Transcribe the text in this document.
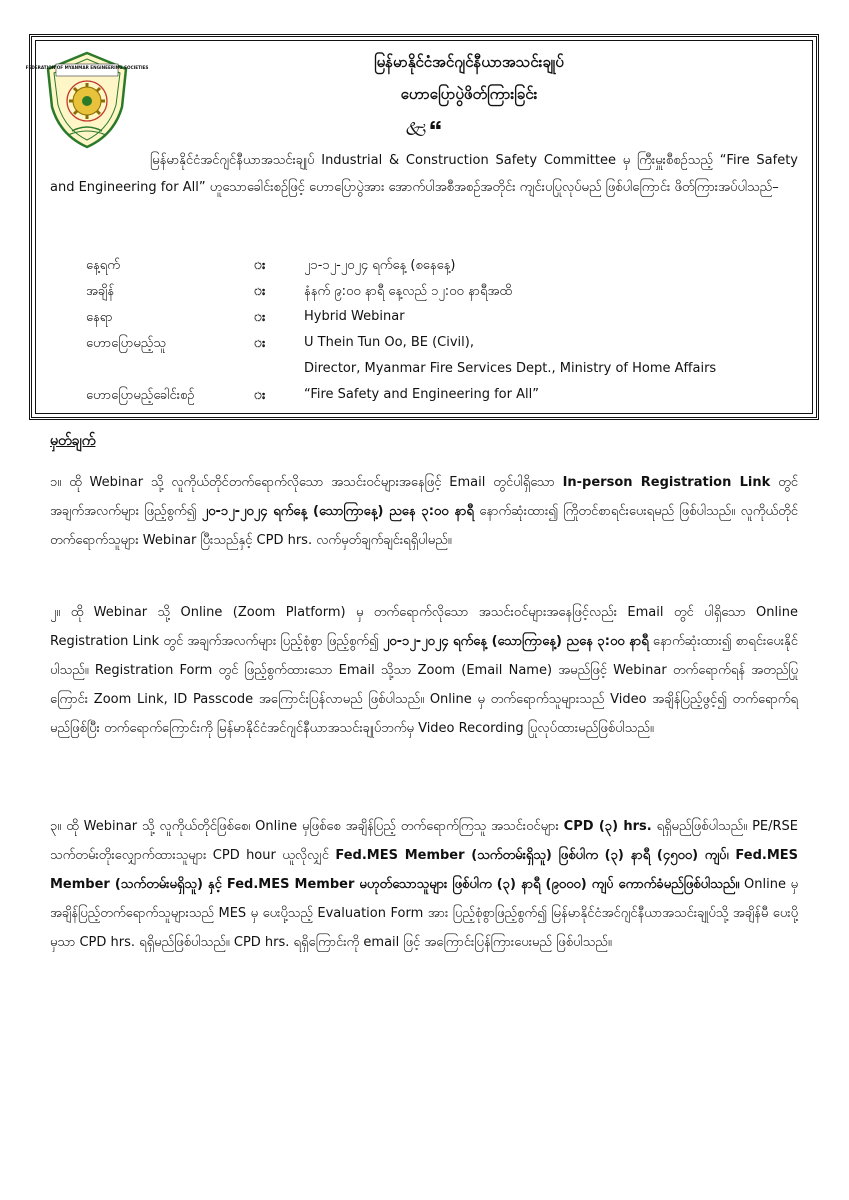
FEDERATION OF MYANMAR ENGINEERING SOCIETIES	မြန်မာနိုင်ငံအင်ဂျင်နီယာအသင်းချုပ်
ဟောပြောပွဲဖိတ်ကြားခြင်း
🙵🙶
မြန်မာနိုင်ငံအင်ဂျင်နီယာအသင်းချုပ် Industrial & Construction Safety Committee မှ ကြီးမှူးစီစဉ်သည့် “Fire Safety and Engineering for All” ဟူသောခေါင်းစဉ်ဖြင့် ဟောပြောပွဲအား အောက်ပါအစီအစဉ်အတိုင်း ကျင်းပပြုလုပ်မည် ဖြစ်ပါကြောင်း ဖိတ်ကြားအပ်ပါသည်–
နေ့ရက်	း	၂၁-၁၂-၂၀၂၄ ရက်နေ့ (စနေနေ့)
အချိန်	း	နံနက် ၉:၀၀ နာရီ နေ့လည် ၁၂:၀၀ နာရီအထိ
နေရာ	း	Hybrid Webinar
ဟောပြောမည့်သူ	း	U Thein Tun Oo, BE (Civil),
Director, Myanmar Fire Services Dept., Ministry of Home Affairs
ဟောပြောမည့်ခေါင်းစဉ်	း	“Fire Safety and Engineering for All”
မှတ်ချက်
၁။ ထို Webinar သို့ လူကိုယ်တိုင်တက်ရောက်လိုသော အသင်းဝင်များအနေဖြင့် Email တွင်ပါရှိသော In-person Registration Link တွင် အချက်အလက်များ ဖြည့်စွက်၍ ၂၀-၁၂-၂၀၂၄ ရက်နေ့ (သောကြာနေ့) ညနေ ၃:၀၀ နာရီ နောက်ဆုံးထား၍ ကြိုတင်စာရင်းပေးရမည် ဖြစ်ပါသည်။ လူကိုယ်တိုင် တက်ရောက်သူများ Webinar ပြီးသည်နှင့် CPD hrs. လက်မှတ်ချက်ချင်းရရှိပါမည်။
၂။ ထို Webinar သို့ Online (Zoom Platform) မှ တက်ရောက်လိုသော အသင်းဝင်များအနေဖြင့်လည်း Email တွင် ပါရှိသော Online Registration Link တွင် အချက်အလက်များ ပြည့်စုံစွာ ဖြည့်စွက်၍ ၂၀-၁၂-၂၀၂၄ ရက်နေ့ (သောကြာနေ့) ညနေ ၃:၀၀ နာရီ နောက်ဆုံးထား၍ စာရင်းပေးနိုင်ပါသည်။ Registration Form တွင် ဖြည့်စွက်ထားသော Email သို့သာ Zoom (Email Name) အမည်ဖြင့် Webinar တက်ရောက်ရန် အတည်ပြုကြောင်း Zoom Link, ID Passcode အကြောင်းပြန်လာမည် ဖြစ်ပါသည်။ Online မှ တက်ရောက်သူများသည် Video အချိန်ပြည့်ဖွင့်၍ တက်ရောက်ရမည်ဖြစ်ပြီး တက်ရောက်ကြောင်းကို မြန်မာနိုင်ငံအင်ဂျင်နီယာအသင်းချုပ်ဘက်မှ Video Recording ပြုလုပ်ထားမည်ဖြစ်ပါသည်။
၃။ ထို Webinar သို့ လူကိုယ်တိုင်ဖြစ်စေ၊ Online မှဖြစ်စေ အချိန်ပြည့် တက်ရောက်ကြသူ အသင်းဝင်များ CPD (၃) hrs. ရရှိမည်ဖြစ်ပါသည်။ PE/RSE သက်တမ်းတိုးလျှောက်ထားသူများ CPD hour ယူလိုလျှင် Fed.MES Member (သက်တမ်းရှိသူ) ဖြစ်ပါက (၃) နာရီ (၄၅၀၀) ကျပ်၊ Fed.MES Member (သက်တမ်းမရှိသူ) နှင့် Fed.MES Member မဟုတ်သောသူများ ဖြစ်ပါက (၃) နာရီ (၉၀၀၀) ကျပ် ကောက်ခံမည်ဖြစ်ပါသည်။ Online မှ အချိန်ပြည့်တက်ရောက်သူများသည် MES မှ ပေးပို့သည့် Evaluation Form အား ပြည့်စုံစွာဖြည့်စွက်၍ မြန်မာနိုင်ငံအင်ဂျင်နီယာအသင်းချုပ်သို့ အချိန်မီ ပေးပို့မှသာ CPD hrs. ရရှိမည်ဖြစ်ပါသည်။ CPD hrs. ရရှိကြောင်းကို email ဖြင့် အကြောင်းပြန်ကြားပေးမည် ဖြစ်ပါသည်။
